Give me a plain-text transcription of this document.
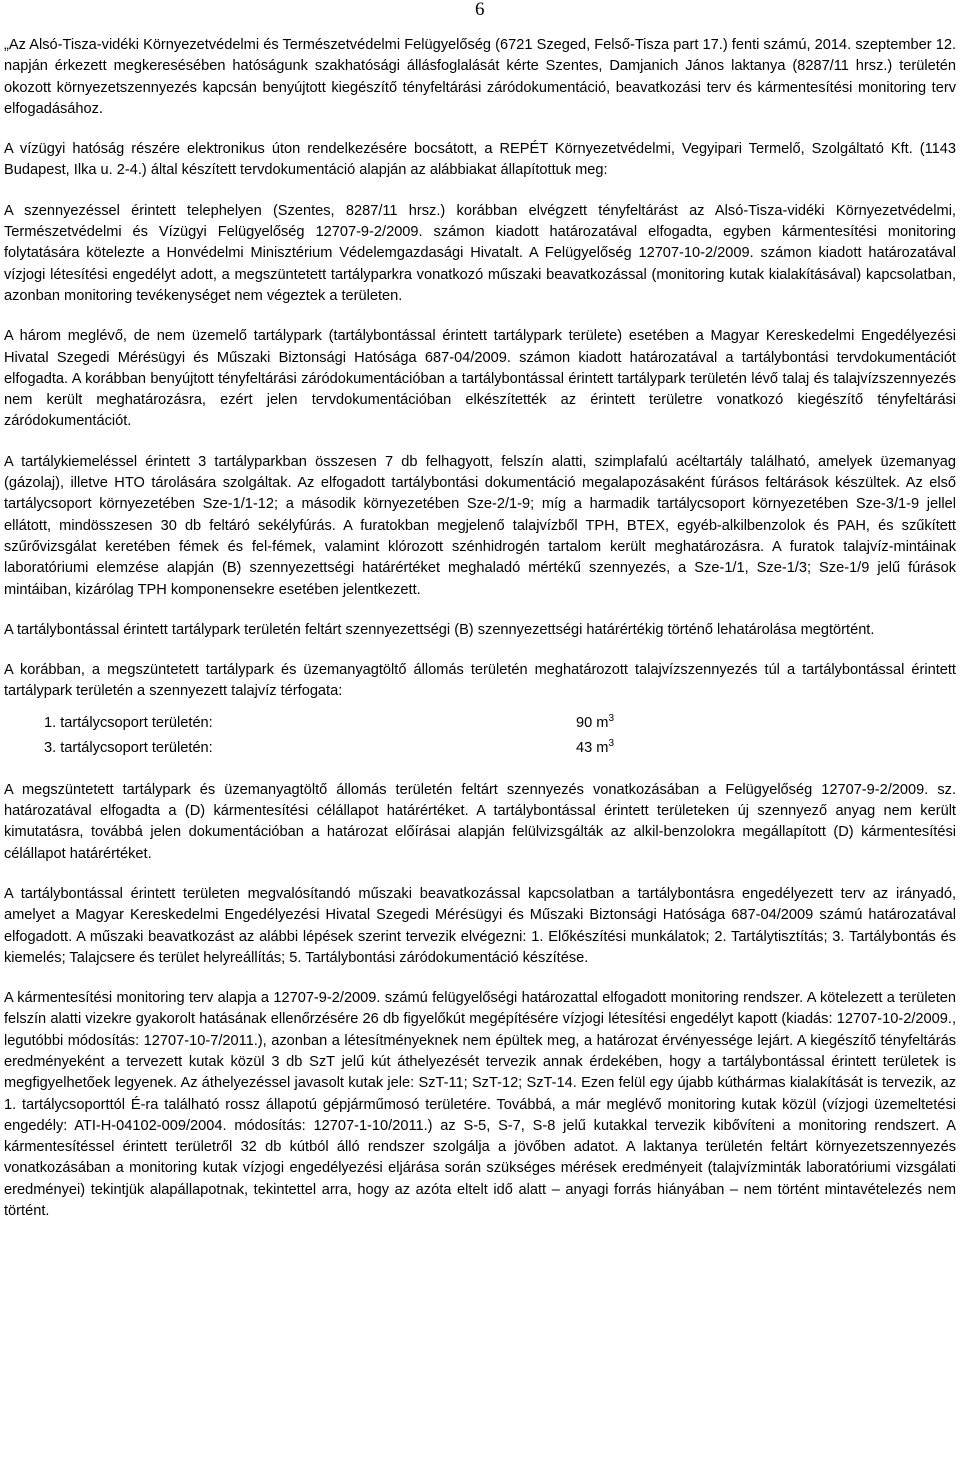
6

„Az Alsó-Tisza-vidéki Környezetvédelmi és Természetvédelmi Felügyelőség (6721 Szeged, Felső-Tisza part 17.) fenti számú, 2014. szeptember 12. napján érkezett megkeresésében hatóságunk szakhatósági állásfoglalását kérte Szentes, Damjanich János laktanya (8287/11 hrsz.) területén okozott környezetszennyezés kapcsán benyújtott kiegészítő tényfeltárási záródokumentáció, beavatkozási terv és kármentesítési monitoring terv elfogadásához.

A vízügyi hatóság részére elektronikus úton rendelkezésére bocsátott, a REPÉT Környezetvédelmi, Vegyipari Termelő, Szolgáltató Kft. (1143 Budapest, Ilka u. 2-4.) által készített tervdokumentáció alapján az alábbiakat állapítottuk meg:

A szennyezéssel érintett telephelyen (Szentes, 8287/11 hrsz.) korábban elvégzett tényfeltárást az Alsó-Tisza-vidéki Környezetvédelmi, Természetvédelmi és Vízügyi Felügyelőség 12707-9-2/2009. számon kiadott határozatával elfogadta, egyben kármentesítési monitoring folytatására kötelezte a Honvédelmi Minisztérium Védelemgazdasági Hivatalt. A Felügyelőség 12707-10-2/2009. számon kiadott határozatával vízjogi létesítési engedélyt adott, a megszüntetett tartályparkra vonatkozó műszaki beavatkozással (monitoring kutak kialakításával) kapcsolatban, azonban monitoring tevékenységet nem végeztek a területen.

A három meglévő, de nem üzemelő tartálypark (tartálybontással érintett tartálypark területe) esetében a Magyar Kereskedelmi Engedélyezési Hivatal Szegedi Mérésügyi és Műszaki Biztonsági Hatósága 687-04/2009. számon kiadott határozatával a tartálybontási tervdokumentációt elfogadta. A korábban benyújtott tényfeltárási záródokumentációban a tartálybontással érintett tartálypark területén lévő talaj és talajvízszennyezés nem került meghatározásra, ezért jelen tervdokumentációban elkészítették az érintett területre vonatkozó kiegészítő tényfeltárási záródokumentációt.

A tartálykiemeléssel érintett 3 tartályparkban összesen 7 db felhagyott, felszín alatti, szimplafalú acéltartály található, amelyek üzemanyag (gázolaj), illetve HTO tárolására szolgáltak. Az elfogadott tartálybontási dokumentáció megalapozásaként fúrásos feltárások készültek. Az első tartálycsoport környezetében Sze-1/1-12; a második környezetében Sze-2/1-9; míg a harmadik tartálycsoport környezetében Sze-3/1-9 jellel ellátott, mindösszesen 30 db feltáró sekélyfúrás. A furatokban megjelenő talajvízből TPH, BTEX, egyéb-alkilbenzolok és PAH, és szűkített szűrővizsgálat keretében fémek és fel-fémek, valamint klórozott szénhidrogén tartalom került meghatározásra. A furatok talajvíz-mintáinak laboratóriumi elemzése alapján (B) szennyezettségi határértéket meghaladó mértékű szennyezés, a Sze-1/1, Sze-1/3; Sze-1/9 jelű fúrások mintáiban, kizárólag TPH komponensekre esetében jelentkezett.

A tartálybontással érintett tartálypark területén feltárt szennyezettségi (B) szennyezettségi határértékig történő lehatárolása megtörtént.

A korábban, a megszüntetett tartálypark és üzemanyagtöltő állomás területén meghatározott talajvízszennyezés túl a tartálybontással érintett tartálypark területén a szennyezett talajvíz térfogata:

1. tartálycsoport területén:	90 $m^3$
3. tartálycsoport területén:	43 $m^3$

A megszüntetett tartálypark és üzemanyagtöltő állomás területén feltárt szennyezés vonatkozásában a Felügyelőség 12707-9-2/2009. sz. határozatával elfogadta a (D) kármentesítési célállapot határértéket. A tartálybontással érintett területeken új szennyező anyag nem került kimutatásra, továbbá jelen dokumentációban a határozat előírásai alapján felülvizsgálták az alkil-benzolokra megállapított (D) kármentesítési célállapot határértéket.

A tartálybontással érintett területen megvalósítandó műszaki beavatkozással kapcsolatban a tartálybontásra engedélyezett terv az irányadó, amelyet a Magyar Kereskedelmi Engedélyezési Hivatal Szegedi Mérésügyi és Műszaki Biztonsági Hatósága 687-04/2009 számú határozatával elfogadott. A műszaki beavatkozást az alábbi lépések szerint tervezik elvégezni: 1. Előkészítési munkálatok; 2. Tartálytisztítás; 3. Tartálybontás és kiemelés; Talajcsere és terület helyreállítás; 5. Tartálybontási záródokumentáció készítése.

A kármentesítési monitoring terv alapja a 12707-9-2/2009. számú felügyelőségi határozattal elfogadott monitoring rendszer. A kötelezett a területen felszín alatti vizekre gyakorolt hatásának ellenőrzésére 26 db figyelőkút megépítésére vízjogi létesítési engedélyt kapott (kiadás: 12707-10-2/2009., legutóbbi módosítás: 12707-10-7/2011.), azonban a létesítményeknek nem épültek meg, a határozat érvényessége lejárt. A kiegészítő tényfeltárás eredményeként a tervezett kutak közül 3 db SzT jelű kút áthelyezését tervezik annak érdekében, hogy a tartálybontással érintett területek is megfigyelhetőek legyenek. Az áthelyezéssel javasolt kutak jele: SzT-11; SzT-12; SzT-14. Ezen felül egy újabb kúthármas kialakítását is tervezik, az 1. tartálycsoporttól É-ra található rossz állapotú gépjárműmosó területére. Továbbá, a már meglévő monitoring kutak közül (vízjogi üzemeltetési engedély: ATI-H-04102-009/2004. módosítás: 12707-1-10/2011.) az S-5, S-7, S-8 jelű kutakkal tervezik kibővíteni a monitoring rendszert. A kármentesítéssel érintett területről 32 db kútból álló rendszer szolgálja a jövőben adatot. A laktanya területén feltárt környezetszennyezés vonatkozásában a monitoring kutak vízjogi engedélyezési eljárása során szükséges mérések eredményeit (talajvízminták laboratóriumi vizsgálati eredményei) tekintjük alapállapotnak, tekintettel arra, hogy az azóta eltelt idő alatt – anyagi forrás hiányában – nem történt mintavételezés nem történt.
